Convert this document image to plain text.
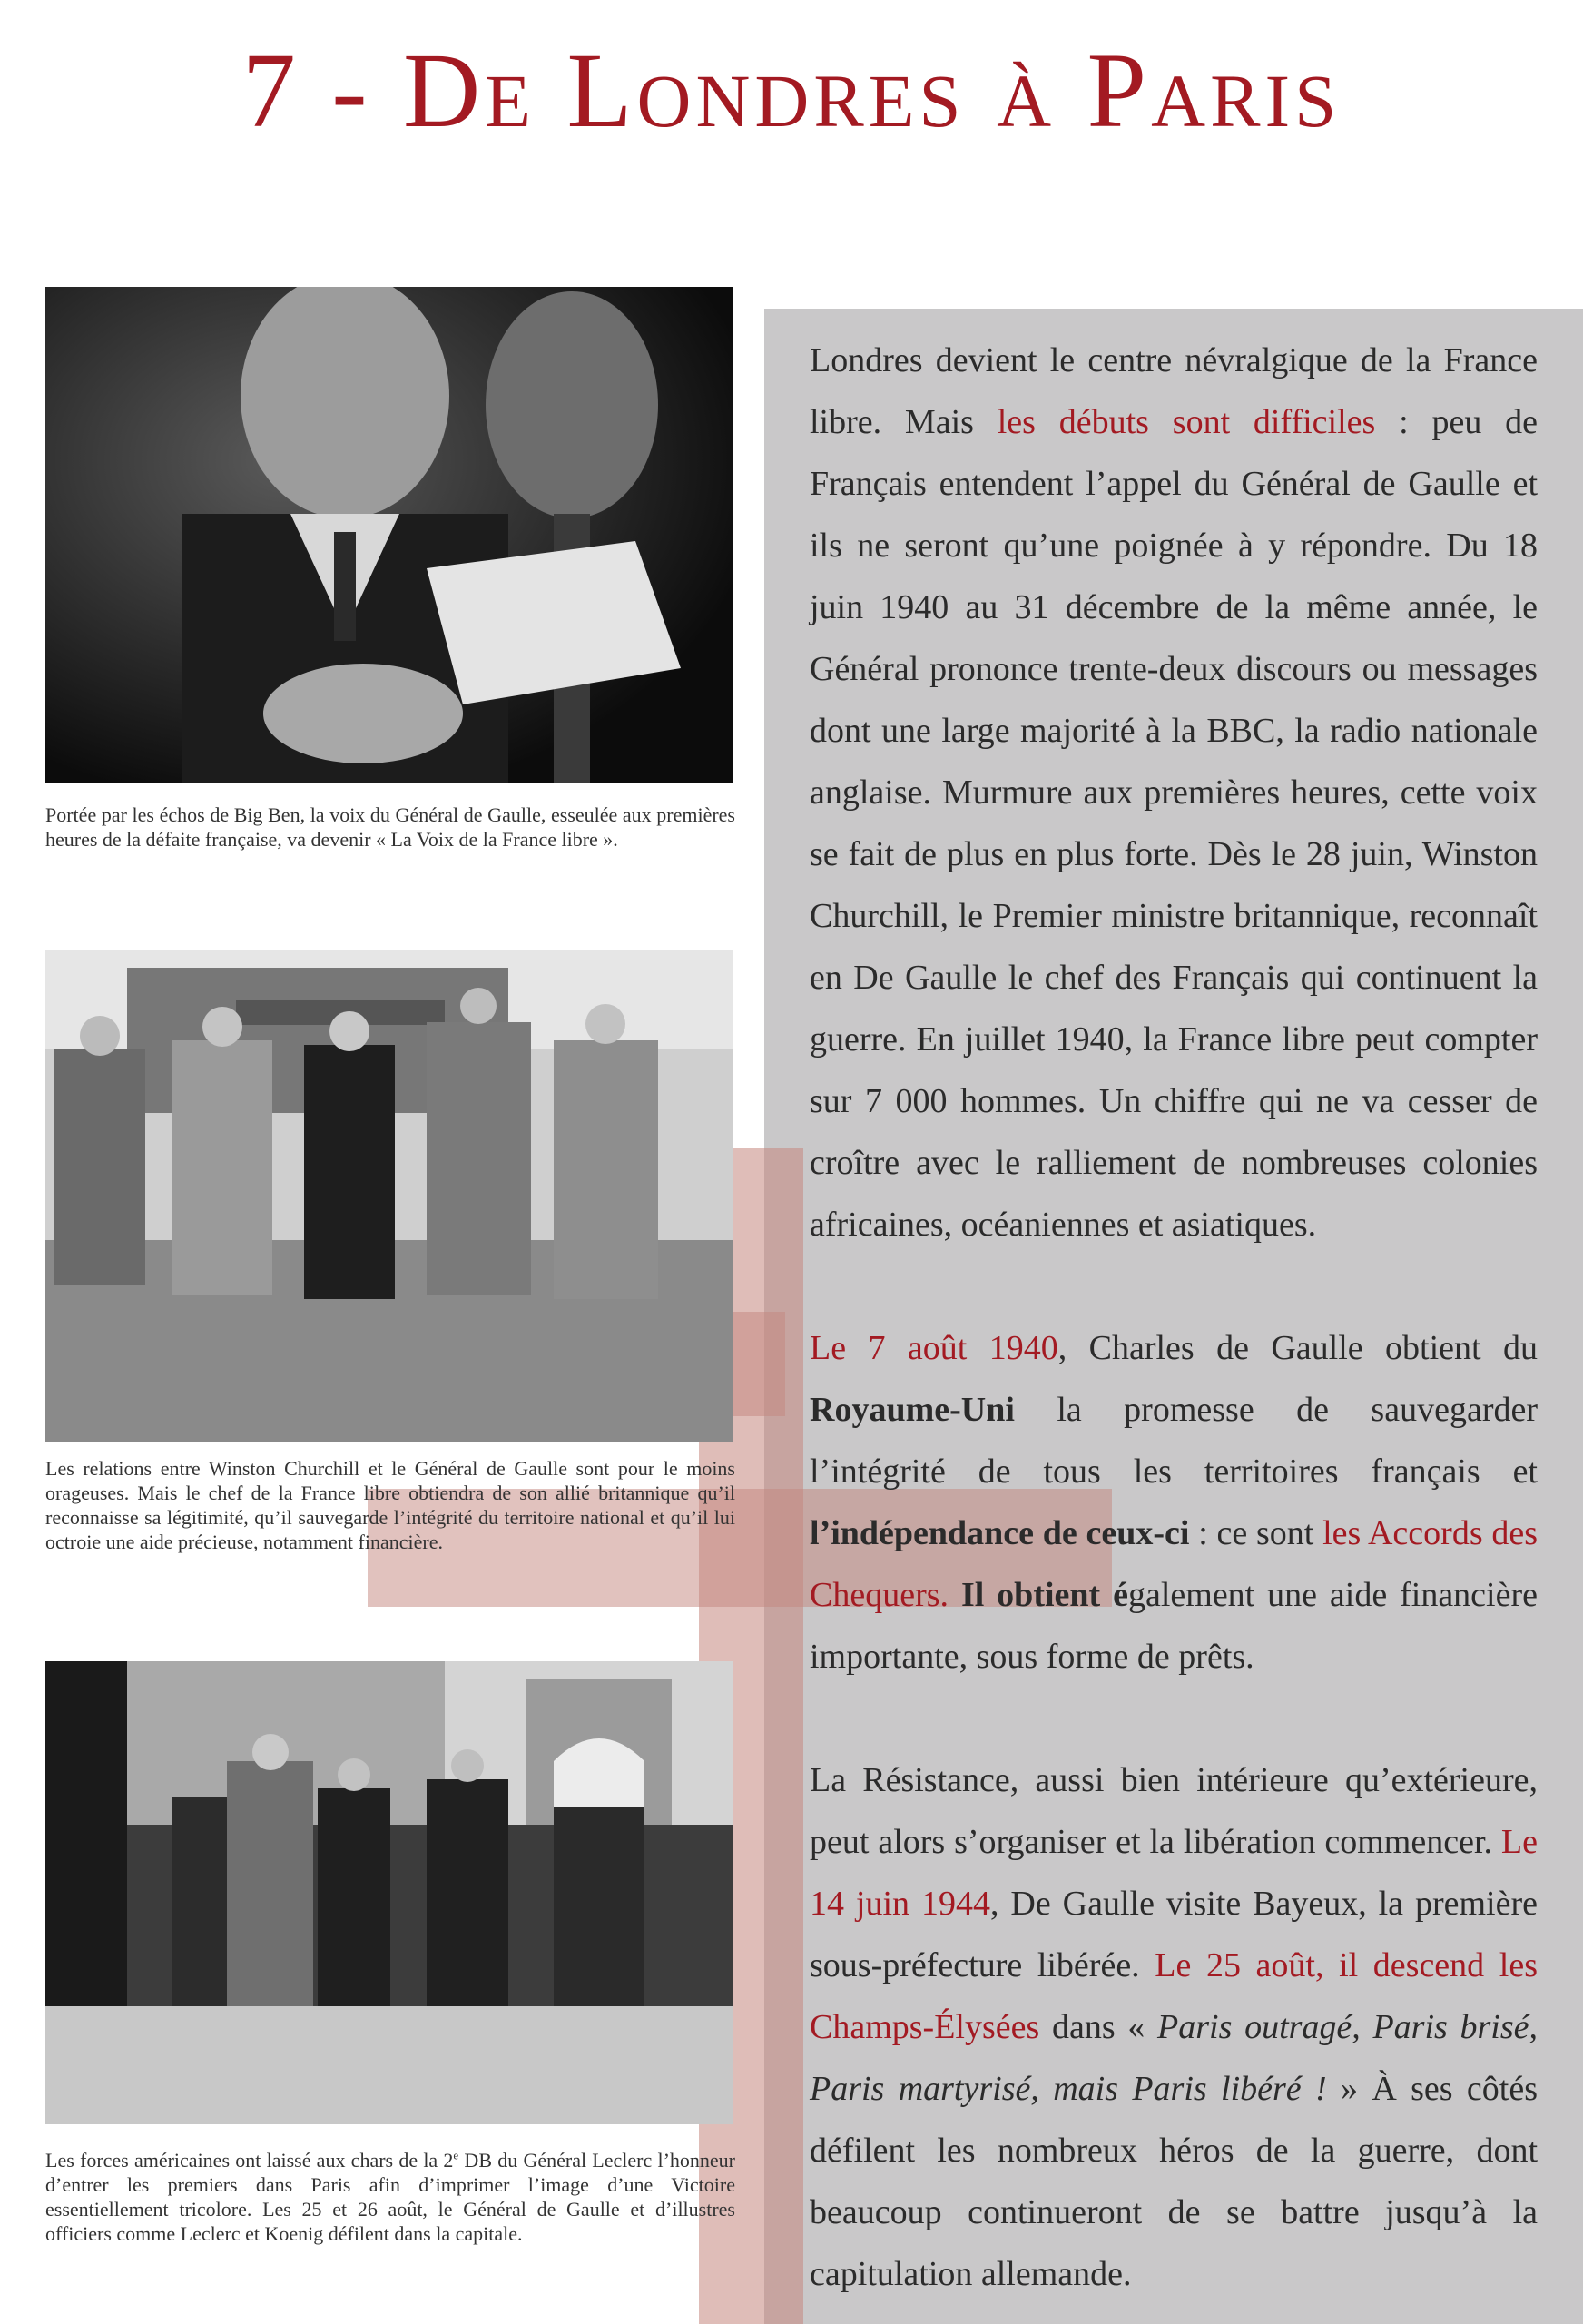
7 - De Londres à Paris

Portée par les échos de Big Ben, la voix du Général de Gaulle, esseulée aux premières heures de la défaite française, va devenir « La Voix de la France libre ».

Les relations entre Winston Churchill et le Général de Gaulle sont pour le moins orageuses. Mais le chef de la France libre obtiendra de son allié britannique qu’il reconnaisse sa légitimité, qu’il sauvegarde l’intégrité du territoire national et qu’il lui octroie une aide précieuse, notamment financière.

Les forces américaines ont laissé aux chars de la 2e DB du Général Leclerc l’honneur d’entrer les premiers dans Paris afin d’imprimer l’image d’une Victoire essentiellement tricolore. Les 25 et 26 août, le Général de Gaulle et d’illustres officiers comme Leclerc et Koenig défilent dans la capitale.

Londres devient le centre névralgique de la France libre. Mais les débuts sont difficiles : peu de Français entendent l’appel du Général de Gaulle et ils ne seront qu’une poignée à y répondre. Du 18 juin 1940 au 31 décembre de la même année, le Général prononce trente-deux discours ou messages dont une large majorité à la BBC, la radio nationale anglaise. Murmure aux premières heures, cette voix se fait de plus en plus forte. Dès le 28 juin, Winston Churchill, le Premier ministre britannique, reconnaît en De Gaulle le chef des Français qui continuent la guerre. En juillet 1940, la France libre peut compter sur 7 000 hommes. Un chiffre qui ne va cesser de croître avec le ralliement de nombreuses colonies africaines, océaniennes et asiatiques.

Le 7 août 1940, Charles de Gaulle obtient du Royaume-Uni la promesse de sauvegarder l’intégrité de tous les territoires français et l’indépendance de ceux-ci : ce sont les Accords des Chequers. Il obtient également une aide financière importante, sous forme de prêts.

La Résistance, aussi bien intérieure qu’extérieure, peut alors s’organiser et la libération commencer. Le 14 juin 1944, De Gaulle visite Bayeux, la première sous-préfecture libérée. Le 25 août, il descend les Champs-Élysées dans « Paris outragé, Paris brisé, Paris martyrisé, mais Paris libéré ! » À ses côtés défilent les nombreux héros de la guerre, dont beaucoup continueront de se battre jusqu’à la capitulation allemande.
